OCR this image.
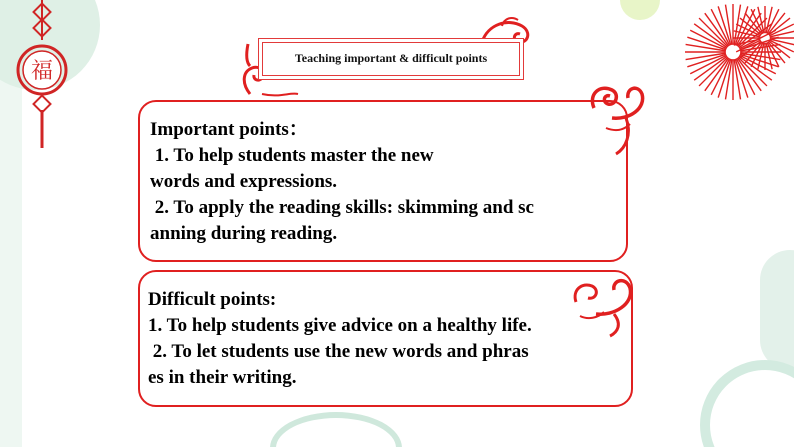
福
Teaching important & difficult points
Important points：
1. To help students master the new
words and expressions.
2. To apply the reading skills: skimming and sc
anning during reading.
Difficult points:
1. To help students give advice on a healthy life.
2. To let students use the new words and phras
es in their writing.
